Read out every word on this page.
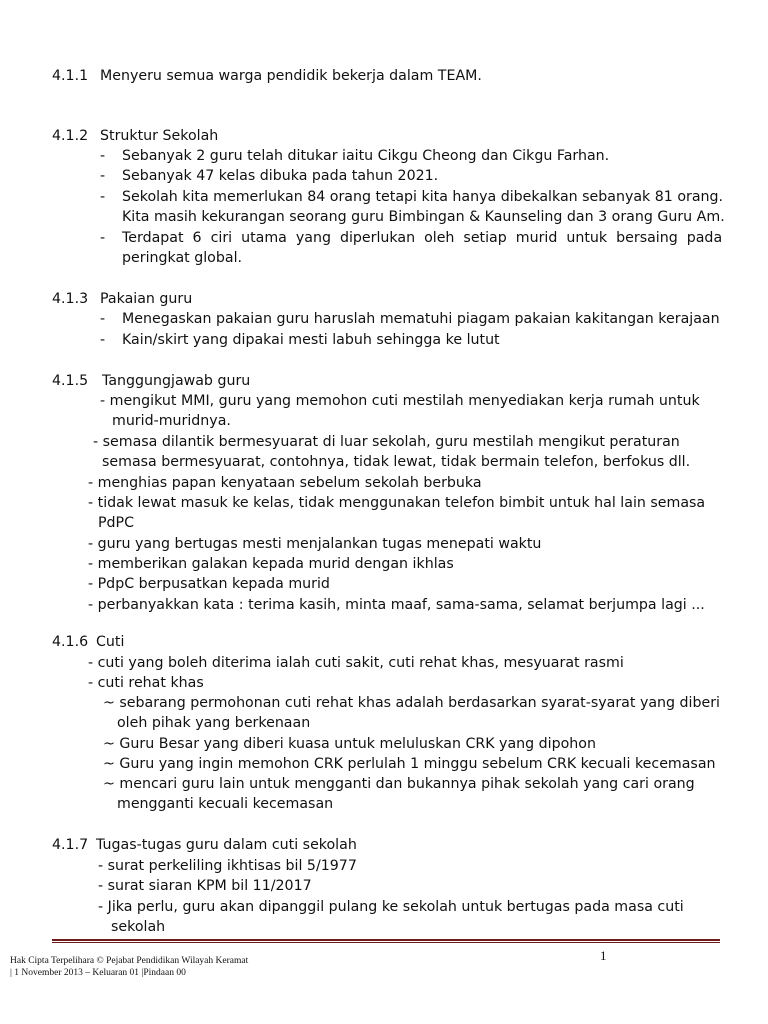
4.1.1 Menyeru semua warga pendidik bekerja dalam TEAM.
4.1.2 Struktur Sekolah
- Sebanyak 2 guru telah ditukar iaitu Cikgu Cheong dan Cikgu Farhan.
- Sebanyak 47 kelas dibuka pada tahun 2021.
- Sekolah kita memerlukan 84 orang tetapi kita hanya dibekalkan sebanyak 81 orang.
Kita masih kekurangan seorang guru Bimbingan & Kaunseling dan 3 orang Guru Am.
- Terdapat 6 ciri utama yang diperlukan oleh setiap murid untuk bersaing pada
peringkat global.
4.1.3 Pakaian guru
- Menegaskan pakaian guru haruslah mematuhi piagam pakaian kakitangan kerajaan
- Kain/skirt yang dipakai mesti labuh sehingga ke lutut
4.1.5 Tanggungjawab guru
- mengikut MMI, guru yang memohon cuti mestilah menyediakan kerja rumah untuk
murid-muridnya.
- semasa dilantik bermesyuarat di luar sekolah, guru mestilah mengikut peraturan
semasa bermesyuarat, contohnya, tidak lewat, tidak bermain telefon, berfokus dll.
- menghias papan kenyataan sebelum sekolah berbuka
- tidak lewat masuk ke kelas, tidak menggunakan telefon bimbit untuk hal lain semasa
PdPC
- guru yang bertugas mesti menjalankan tugas menepati waktu
- memberikan galakan kepada murid dengan ikhlas
- PdpC berpusatkan kepada murid
- perbanyakkan kata : terima kasih, minta maaf, sama-sama, selamat berjumpa lagi ...
4.1.6 Cuti
- cuti yang boleh diterima ialah cuti sakit, cuti rehat khas, mesyuarat rasmi
- cuti rehat khas
~ sebarang permohonan cuti rehat khas adalah berdasarkan syarat-syarat yang diberi
oleh pihak yang berkenaan
~ Guru Besar yang diberi kuasa untuk meluluskan CRK yang dipohon
~ Guru yang ingin memohon CRK perlulah 1 minggu sebelum CRK kecuali kecemasan
~ mencari guru lain untuk mengganti dan bukannya pihak sekolah yang cari orang
mengganti kecuali kecemasan
4.1.7 Tugas-tugas guru dalam cuti sekolah
- surat perkeliling ikhtisas bil 5/1977
- surat siaran KPM bil 11/2017
- Jika perlu, guru akan dipanggil pulang ke sekolah untuk bertugas pada masa cuti
sekolah
1
Hak Cipta Terpelihara © Pejabat Pendidikan Wilayah Keramat
| 1 November 2013 – Keluaran 01 |Pindaan 00
